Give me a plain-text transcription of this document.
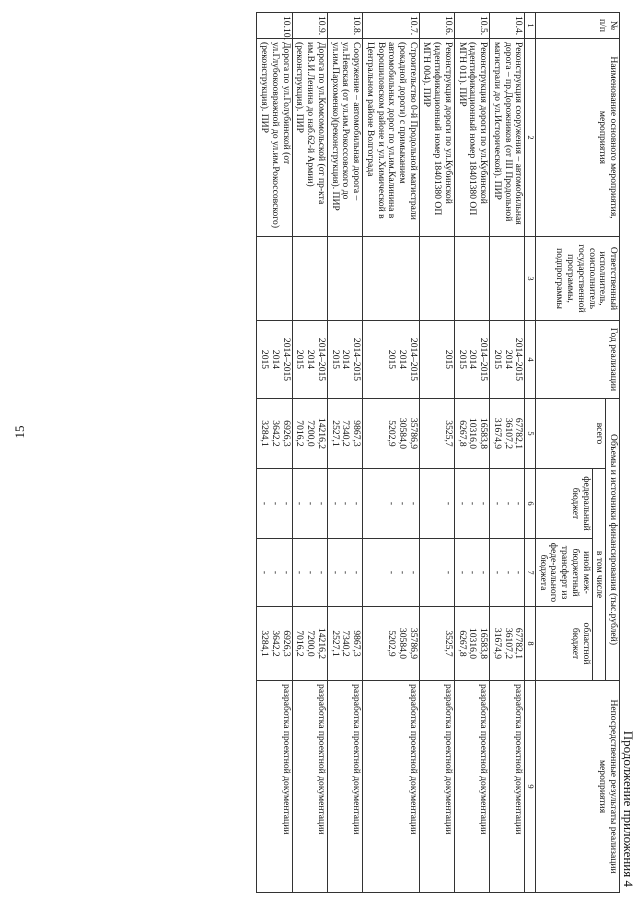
15
Продолжение приложения 4
№ п/п	Наименование основного мероприятия, мероприятия	Ответственный исполнитель, соисполнитель государственной программы, подпрограммы	Год реализации	Объемы и источники финансирования (тыс.рублей)				Непосредственные результаты реализации мероприятия
				всего	в том числе			
					федеральный бюджет	иной меж-бюджетный трансферт из феде-рального бюджета	областной бюджет	
1	2	3	4	5	6	7	8	9
10.4.	Реконструкция сооружения – автомобильная дорога – пр.Дорожников (от III Продольной магистрали до ул.Исторической). ПИР		2014–2015
2014
2015	67782,1
36107,2
31674,9	-
-
-	-
-
-	67782,1
36107,2
31674,9	разработка проектной документации
10.5.	Реконструкция дороги по ул.Кубинской (идентификационный номер 18401380 ОП МГН 011). ПИР		2014–2015
2014
2015	16583,8
10316,0
6267,8	-
-
-	-
-
-	16583,8
10316,0
6267,8	разработка проектной документации
10.6.	Реконструкция дороги по ул.Кубинской (идентификационный номер 18401380 ОП МГН 004). ПИР		2015	3525,7	-	-	3525,7	разработка проектной документации
10.7.	Строительство 0-й Продольной магистрали (рокадной дороги) с примыканием автомобильных дорог по ул.им.Калинина в Ворошиловском районе и ул.Химической в Центральном районе Волгограда		2014–2015
2014
2015	35786,9
30584,0
5202,9	-
-
-	-
-
-	35786,9
30584,0
5202,9	разработка проектной документации
10.8.	Сооружение – автомобильная дорога – ул.Невская (от ул.им.Рокоссовского до ул.им.Пархоменко)(реконструкция). ПИР		2014–2015
2014
2015	9867,3
7340,2
2527,1	-
-
-	-
-
-	9867,3
7340,2
2527,1	разработка проектной документации
10.9.	Дорога по ул.Комсомольской (от пр-кта им.В.И.Ленина до наб.62-й Армии) (реконструкция). ПИР		2014–2015
2014
2015	14216,2
7200,0
7016,2	-
-
-	-
-
-	14216,2
7200,0
7016,2	разработка проектной документации
10.10.	Дорога по ул.Голубинской (от ул.Глубокоовражной до ул.им.Рокоссовского) (реконструкция). ПИР		2014–2015
2014
2015	6926,3
3642,2
3284,1	-
-
-	-
-
-	6926,3
3642,2
3284,1	разработка проектной документации
